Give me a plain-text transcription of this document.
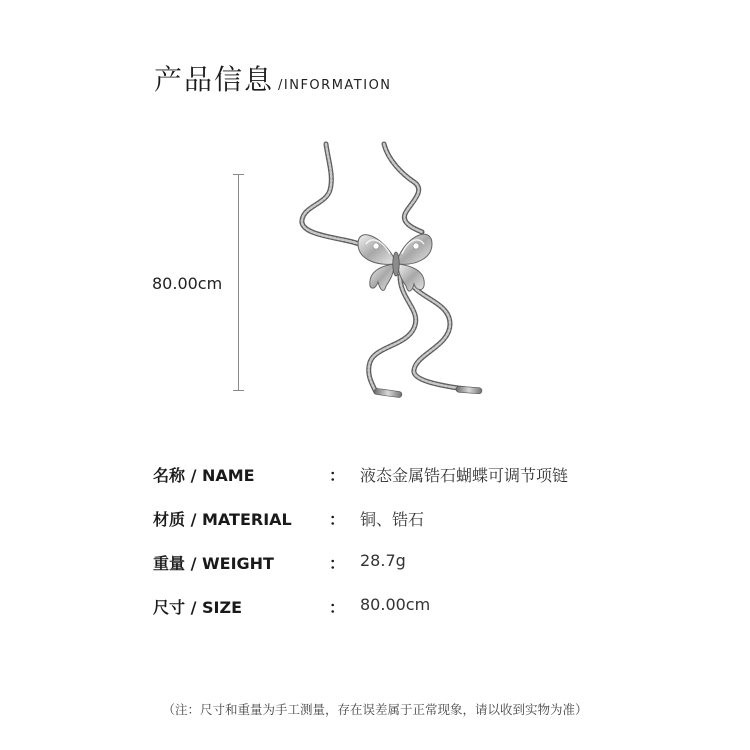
产品信息 /INFORMATION
80.00cm
名称 / NAME	： 液态金属锆石蝴蝶可调节项链
材质 / MATERIAL ： 铜、锆石
重量 / WEIGHT	： 28.7g
尺寸 / SIZE	： 80.00cm
（注：尺寸和重量为手工测量，存在误差属于正常现象，请以收到实物为准）
